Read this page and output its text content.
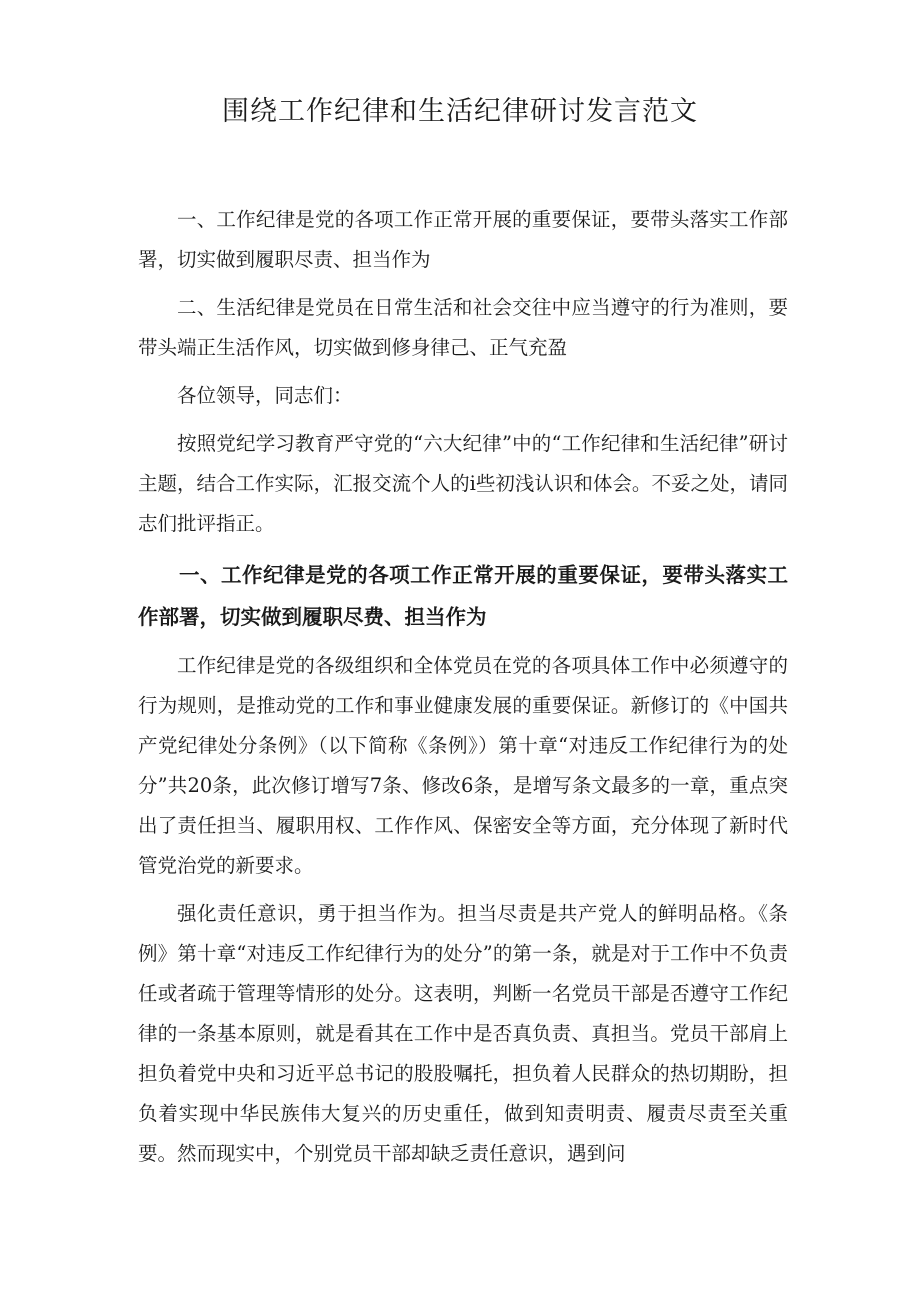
围绕工作纪律和生活纪律研讨发言范文

一、工作纪律是党的各项工作正常开展的重要保证，要带头落实工作部署，切实做到履职尽责、担当作为

二、生活纪律是党员在日常生活和社会交往中应当遵守的行为准则，要带头端正生活作风，切实做到修身律己、正气充盈

各位领导，同志们：

按照党纪学习教育严守党的“六大纪律”中的“工作纪律和生活纪律”研讨主题，结合工作实际，汇报交流个人的i些初浅认识和体会。不妥之处，请同志们批评指正。

一、工作纪律是党的各项工作正常开展的重要保证，要带头落实工作部署，切实做到履职尽费、担当作为

工作纪律是党的各级组织和全体党员在党的各项具体工作中必须遵守的行为规则，是推动党的工作和事业健康发展的重要保证。新修订的《中国共产党纪律处分条例》（以下简称《条例》）第十章“对违反工作纪律行为的处分”共20条，此次修订增写7条、修改6条，是增写条文最多的一章，重点突出了责任担当、履职用权、工作作风、保密安全等方面，充分体现了新时代管党治党的新要求。

强化责任意识，勇于担当作为。担当尽责是共产党人的鲜明品格。《条例》第十章“对违反工作纪律行为的处分”的第一条，就是对于工作中不负责任或者疏于管理等情形的处分。这表明，判断一名党员干部是否遵守工作纪律的一条基本原则，就是看其在工作中是否真负责、真担当。党员干部肩上担负着党中央和习近平总书记的股股嘱托，担负着人民群众的热切期盼，担负着实现中华民族伟大复兴的历史重任，做到知责明责、履责尽责至关重要。然而现实中，个别党员干部却缺乏责任意识，遇到问
